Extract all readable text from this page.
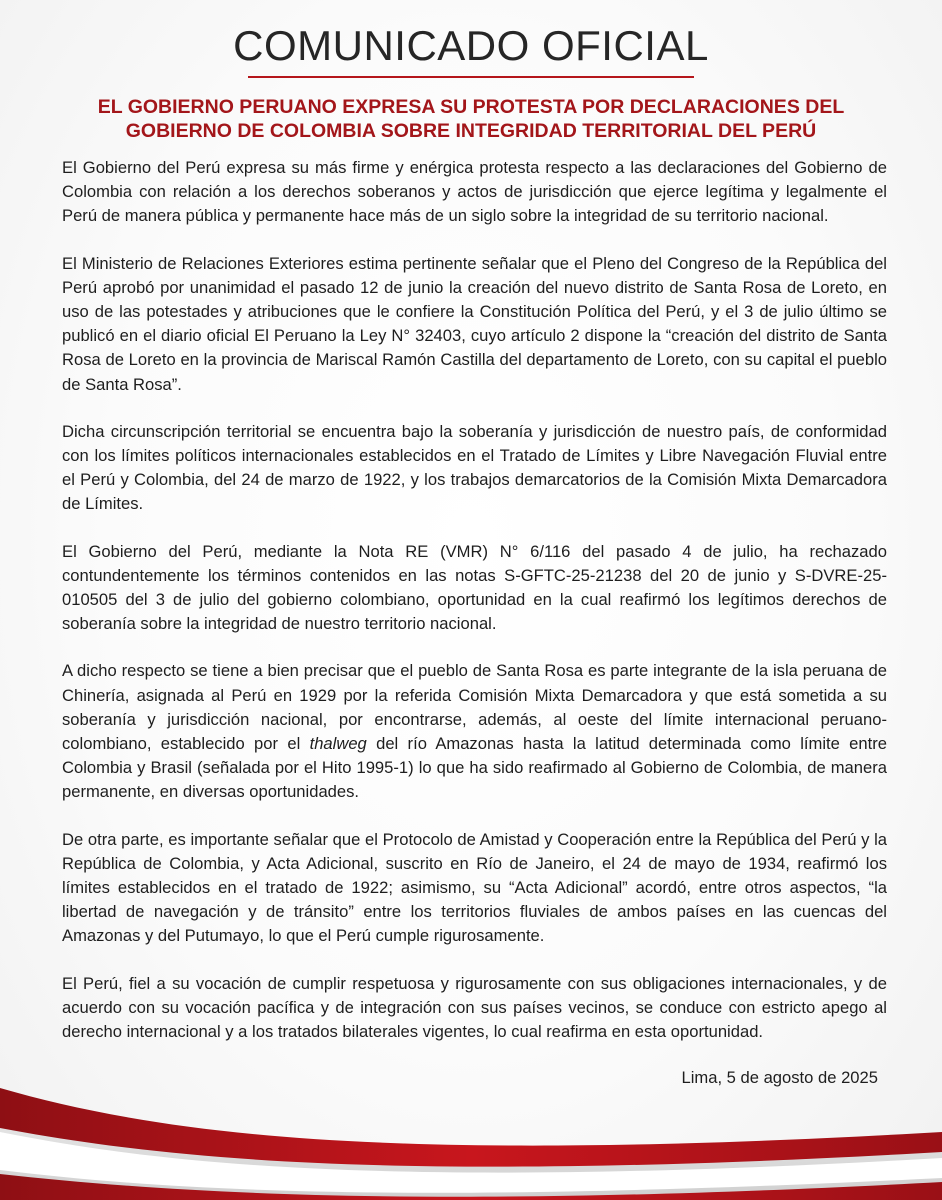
COMUNICADO OFICIAL
EL GOBIERNO PERUANO EXPRESA SU PROTESTA POR DECLARACIONES DEL
GOBIERNO DE COLOMBIA SOBRE INTEGRIDAD TERRITORIAL DEL PERÚ

El Gobierno del Perú expresa su más firme y enérgica protesta respecto a las declaraciones del Gobierno de Colombia con relación a los derechos soberanos y actos de jurisdicción que ejerce legítima y legalmente el Perú de manera pública y permanente hace más de un siglo sobre la integridad de su territorio nacional.

El Ministerio de Relaciones Exteriores estima pertinente señalar que el Pleno del Congreso de la República del Perú aprobó por unanimidad el pasado 12 de junio la creación del nuevo distrito de Santa Rosa de Loreto, en uso de las potestades y atribuciones que le confiere la Constitución Política del Perú, y el 3 de julio último se publicó en el diario oficial El Peruano la Ley N° 32403, cuyo artículo 2 dispone la “creación del distrito de Santa Rosa de Loreto en la provincia de Mariscal Ramón Castilla del departamento de Loreto, con su capital el pueblo de Santa Rosa”.

Dicha circunscripción territorial se encuentra bajo la soberanía y jurisdicción de nuestro país, de conformidad con los límites políticos internacionales establecidos en el Tratado de Límites y Libre Navegación Fluvial entre el Perú y Colombia, del 24 de marzo de 1922, y los trabajos demarcatorios de la Comisión Mixta Demarcadora de Límites.

El Gobierno del Perú, mediante la Nota RE (VMR) N° 6/116 del pasado 4 de julio, ha rechazado contundentemente los términos contenidos en las notas S-GFTC-25-21238 del 20 de junio y S-DVRE-25-010505 del 3 de julio del gobierno colombiano, oportunidad en la cual reafirmó los legítimos derechos de soberanía sobre la integridad de nuestro territorio nacional.

A dicho respecto se tiene a bien precisar que el pueblo de Santa Rosa es parte integrante de la isla peruana de Chinería, asignada al Perú en 1929 por la referida Comisión Mixta Demarcadora y que está sometida a su soberanía y jurisdicción nacional, por encontrarse, además, al oeste del límite internacional peruano-colombiano, establecido por el thalweg del río Amazonas hasta la latitud determinada como límite entre Colombia y Brasil (señalada por el Hito 1995-1) lo que ha sido reafirmado al Gobierno de Colombia, de manera permanente, en diversas oportunidades.

De otra parte, es importante señalar que el Protocolo de Amistad y Cooperación entre la República del Perú y la República de Colombia, y Acta Adicional, suscrito en Río de Janeiro, el 24 de mayo de 1934, reafirmó los límites establecidos en el tratado de 1922; asimismo, su “Acta Adicional” acordó, entre otros aspectos, “la libertad de navegación y de tránsito” entre los territorios fluviales de ambos países en las cuencas del Amazonas y del Putumayo, lo que el Perú cumple rigurosamente.

El Perú, fiel a su vocación de cumplir respetuosa y rigurosamente con sus obligaciones internacionales, y de acuerdo con su vocación pacífica y de integración con sus países vecinos, se conduce con estricto apego al derecho internacional y a los tratados bilaterales vigentes, lo cual reafirma en esta oportunidad.

Lima, 5 de agosto de 2025
